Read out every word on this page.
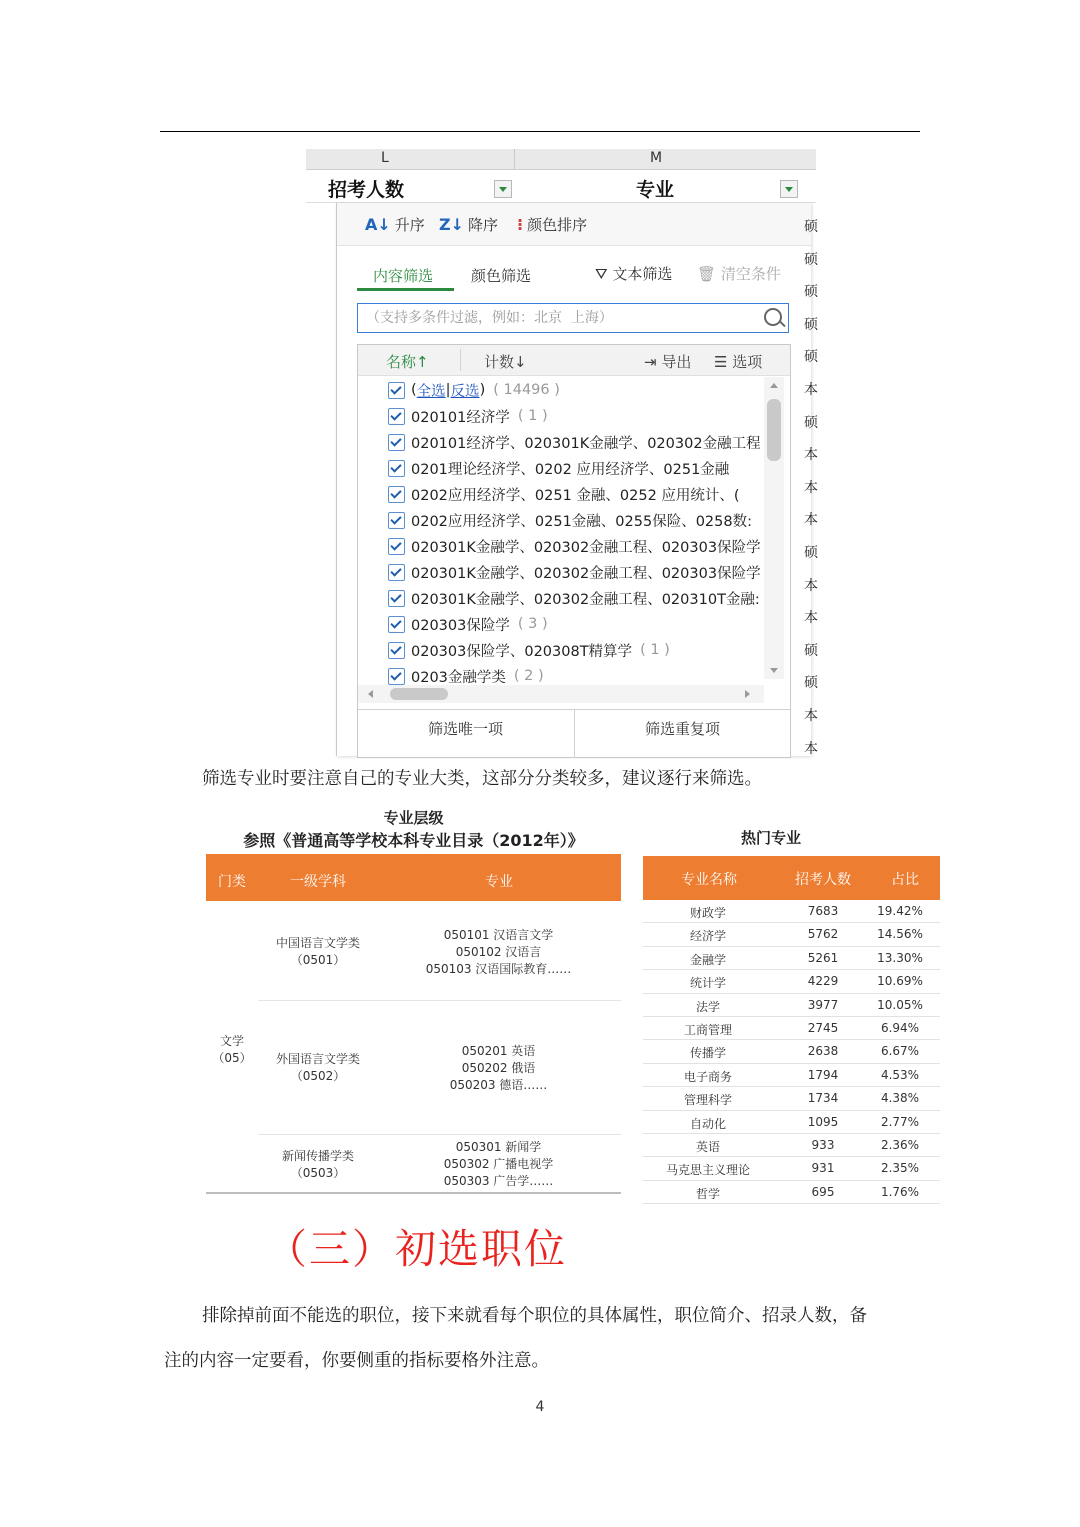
L	M
招考人数	专业
A↓ 升序 Z↓ 降序 ⁝ 颜色排序
内容筛选	颜色筛选	⛛ 文本筛选 🗑 清空条件
（支持多条件过滤，例如：北京 上海）
名称↑	计数↓	⇥ 导出 ☰ 选项
( 全选 | 反选 ) ( 14496 )
020101经济学 ( 1 )
020101经济学、020301K金融学、020302金融工程
0201理论经济学、0202 应用经济学、0251金融
0202应用经济学、0251 金融、0252 应用统计、(
0202应用经济学、0251金融、0255保险、0258数:
020301K金融学、020302金融工程、020303保险学
020301K金融学、020302金融工程、020303保险学
020301K金融学、020302金融工程、020310T金融:
020303保险学 ( 3 )
020303保险学、020308T精算学 ( 1 )
0203金融学类 ( 2 )
筛选唯一项	筛选重复项
硕
硕
硕
硕
硕
本
硕
本
本
本
硕
本
本
硕
硕
本
本
筛选专业时要注意自己的专业大类，这部分分类较多，建议逐行来筛选。
专业层级
参照《普通高等学校本科专业目录（2012年）》
门类	一级学科	专业
文学
（05）
中国语言文学类
（0501）
050101 汉语言文学
050102 汉语言
050103 汉语国际教育……
外国语言文学类
（0502）
050201 英语
050202 俄语
050203 德语……
新闻传播学类
（0503）
050301 新闻学
050302 广播电视学
050303 广告学……
热门专业
专业名称	招考人数	占比
财政学	7683	19.42%
经济学	5762	14.56%
金融学	5261	13.30%
统计学	4229	10.69%
法学	3977	10.05%
工商管理	2745	6.94%
传播学	2638	6.67%
电子商务	1794	4.53%
管理科学	1734	4.38%
自动化	1095	2.77%
英语	933	2.36%
马克思主义理论	931	2.35%
哲学	695	1.76%
（三）初选职位
排除掉前面不能选的职位，接下来就看每个职位的具体属性，职位简介、招录人数，备
注的内容一定要看，你要侧重的指标要格外注意。
4
